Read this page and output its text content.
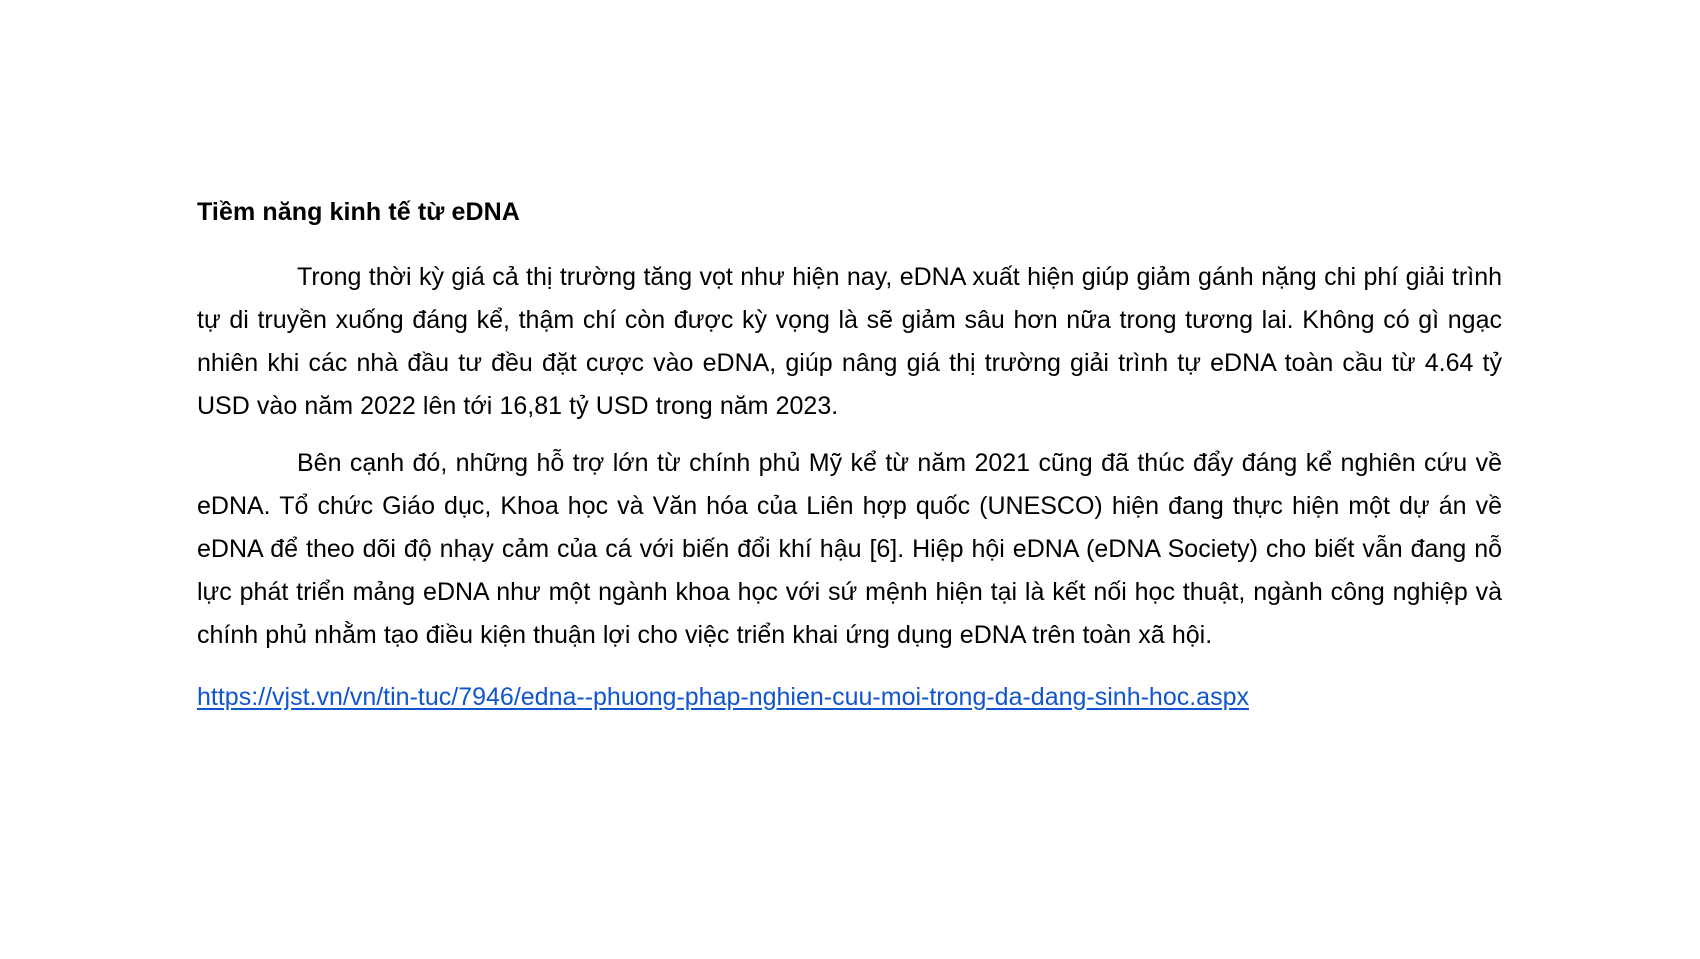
Tiềm năng kinh tế từ eDNA

Trong thời kỳ giá cả thị trường tăng vọt như hiện nay, eDNA xuất hiện giúp giảm gánh nặng chi phí giải trình tự di truyền xuống đáng kể, thậm chí còn được kỳ vọng là sẽ giảm sâu hơn nữa trong tương lai. Không có gì ngạc nhiên khi các nhà đầu tư đều đặt cược vào eDNA, giúp nâng giá thị trường giải trình tự eDNA toàn cầu từ 4.64 tỷ USD vào năm 2022 lên tới 16,81 tỷ USD trong năm 2023.

Bên cạnh đó, những hỗ trợ lớn từ chính phủ Mỹ kể từ năm 2021 cũng đã thúc đẩy đáng kể nghiên cứu về eDNA. Tổ chức Giáo dục, Khoa học và Văn hóa của Liên hợp quốc (UNESCO) hiện đang thực hiện một dự án về eDNA để theo dõi độ nhạy cảm của cá với biến đổi khí hậu [6]. Hiệp hội eDNA (eDNA Society) cho biết vẫn đang nỗ lực phát triển mảng eDNA như một ngành khoa học với sứ mệnh hiện tại là kết nối học thuật, ngành công nghiệp và chính phủ nhằm tạo điều kiện thuận lợi cho việc triển khai ứng dụng eDNA trên toàn xã hội.

https://vjst.vn/vn/tin-tuc/7946/edna--phuong-phap-nghien-cuu-moi-trong-da-dang-sinh-hoc.aspx
